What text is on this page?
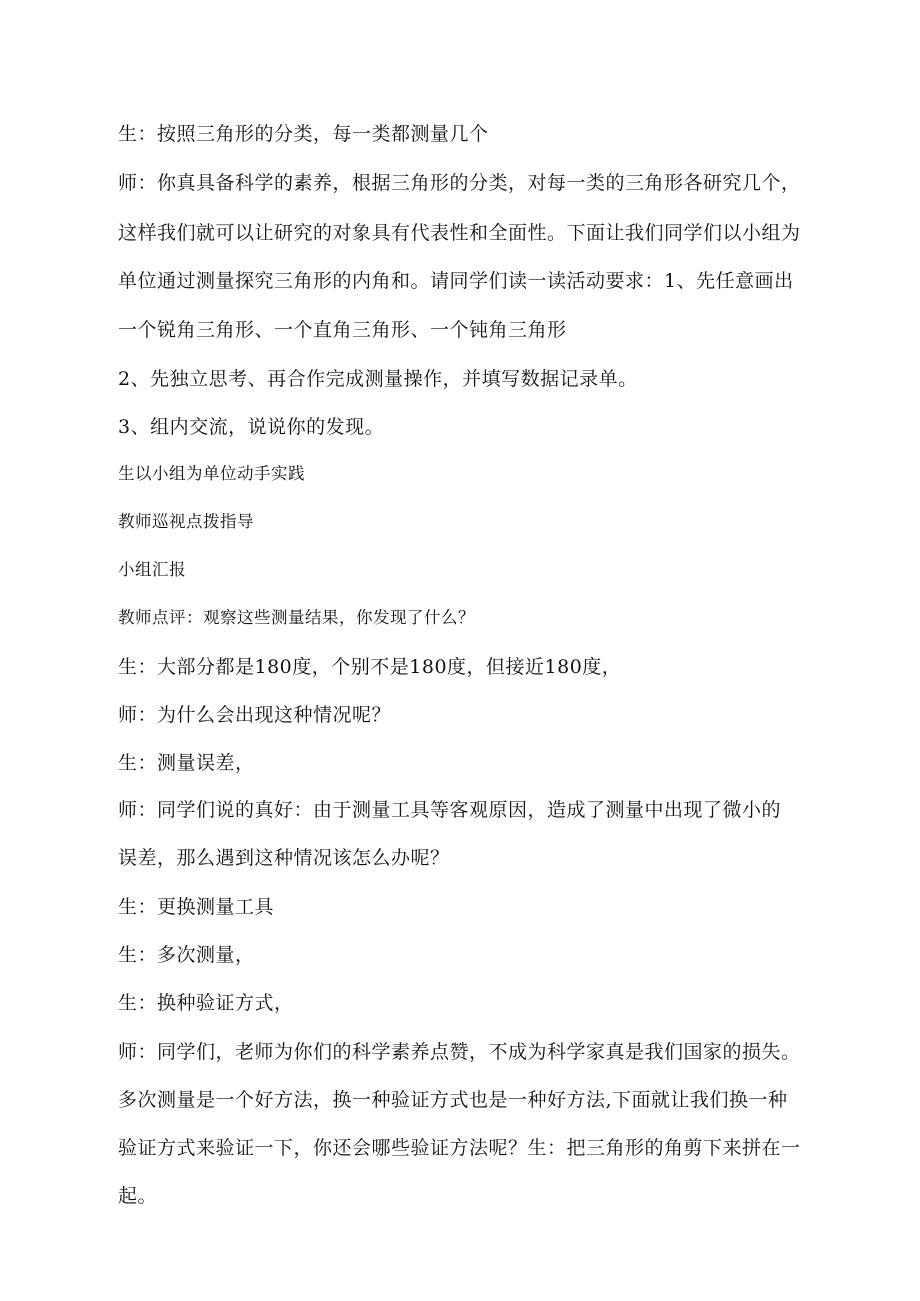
生：按照三角形的分类，每一类都测量几个
师：你真具备科学的素养，根据三角形的分类，对每一类的三角形各研究几个，
这样我们就可以让研究的对象具有代表性和全面性。下面让我们同学们以小组为
单位通过测量探究三角形的内角和。请同学们读一读活动要求：1、先任意画出
一个锐角三角形、一个直角三角形、一个钝角三角形
2、先独立思考、再合作完成测量操作，并填写数据记录单。
3、组内交流，说说你的发现。
生以小组为单位动手实践
教师巡视点拨指导
小组汇报
教师点评：观察这些测量结果，你发现了什么？
生：大部分都是180度，个别不是180度，但接近180度，
师：为什么会出现这种情况呢？
生：测量误差，
师：同学们说的真好：由于测量工具等客观原因，造成了测量中出现了微小的
误差，那么遇到这种情况该怎么办呢？
生：更换测量工具
生：多次测量，
生：换种验证方式，
师：同学们，老师为你们的科学素养点赞，不成为科学家真是我们国家的损失。
多次测量是一个好方法，换一种验证方式也是一种好方法,下面就让我们换一种
验证方式来验证一下，你还会哪些验证方法呢？生：把三角形的角剪下来拼在一
起。
